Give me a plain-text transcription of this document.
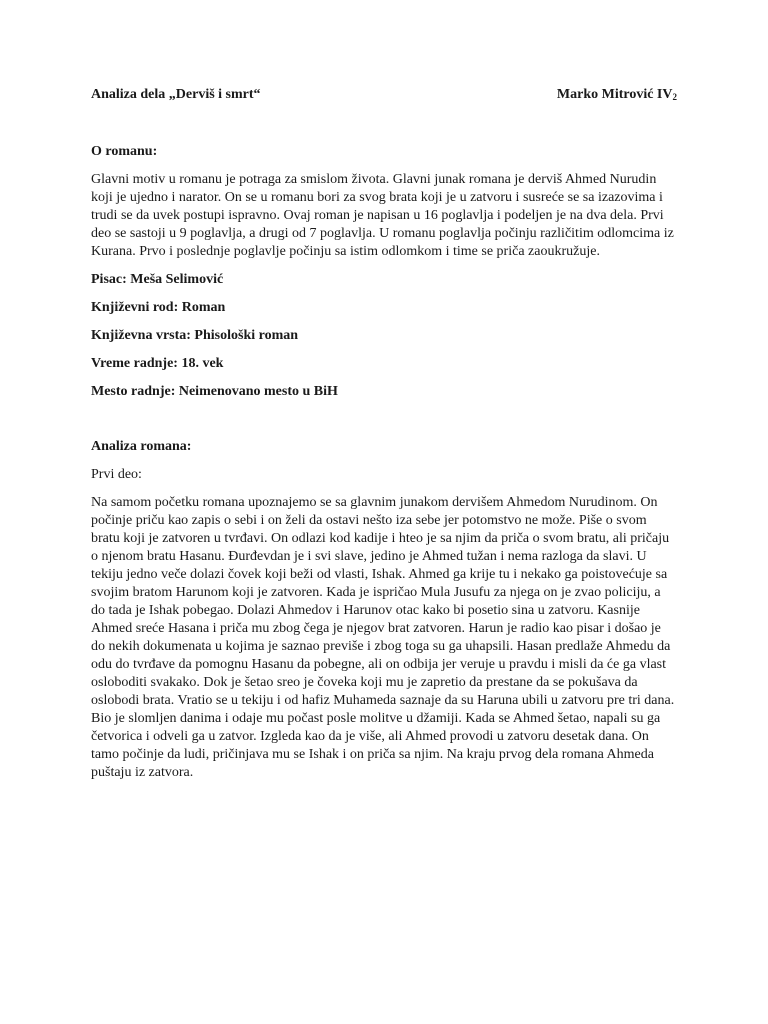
Analiza dela „Derviš i smrt“	Marko Mitrović $IV_2$
O romanu:

Glavni motiv u romanu je potraga za smislom života. Glavni junak romana je derviš Ahmed Nurudin koji je ujedno i narator. On se u romanu bori za svog brata koji je u zatvoru i susreće se sa izazovima i trudi se da uvek postupi ispravno. Ovaj roman je napisan u 16 poglavlja i podeljen je na dva dela. Prvi deo se sastoji u 9 poglavlja, a drugi od 7 poglavlja. U romanu poglavlja počinju različitim odlomcima iz Kurana. Prvo i poslednje poglavlje počinju sa istim odlomkom i time se priča zaoukružuje.

Pisac: Meša Selimović

Književni rod: Roman

Književna vrsta: Phisološki roman

Vreme radnje: 18. vek

Mesto radnje: Neimenovano mesto u BiH

Analiza romana:

Prvi deo:

Na samom početku romana upoznajemo se sa glavnim junakom dervišem Ahmedom Nurudinom. On počinje priču kao zapis o sebi i on želi da ostavi nešto iza sebe jer potomstvo ne može. Piše o svom bratu koji je zatvoren u tvrđavi. On odlazi kod kadije i hteo je sa njim da priča o svom bratu, ali pričaju o njenom bratu Hasanu. Đurđevdan je i svi slave, jedino je Ahmed tužan i nema razloga da slavi. U tekiju jedno veče dolazi čovek koji beži od vlasti, Ishak. Ahmed ga krije tu i nekako ga poistovećuje sa svojim bratom Harunom koji je zatvoren. Kada je ispričao Mula Jusufu za njega on je zvao policiju, a do tada je Ishak pobegao. Dolazi Ahmedov i Harunov otac kako bi posetio sina u zatvoru. Kasnije Ahmed sreće Hasana i priča mu zbog čega je njegov brat zatvoren. Harun je radio kao pisar i došao je do nekih dokumenata u kojima je saznao previše i zbog toga su ga uhapsili. Hasan predlaže Ahmedu da odu do tvrđave da pomognu Hasanu da pobegne, ali on odbija jer veruje u pravdu i misli da će ga vlast osloboditi svakako. Dok je šetao sreo je čoveka koji mu je zapretio da prestane da se pokušava da oslobodi brata. Vratio se u tekiju i od hafiz Muhameda saznaje da su Haruna ubili u zatvoru pre tri dana. Bio je slomljen danima i odaje mu počast posle molitve u džamiji. Kada se Ahmed šetao, napali su ga četvorica i odveli ga u zatvor. Izgleda kao da je više, ali Ahmed provodi u zatvoru desetak dana. On tamo počinje da ludi, pričinjava mu se Ishak i on priča sa njim. Na kraju prvog dela romana Ahmeda puštaju iz zatvora.
